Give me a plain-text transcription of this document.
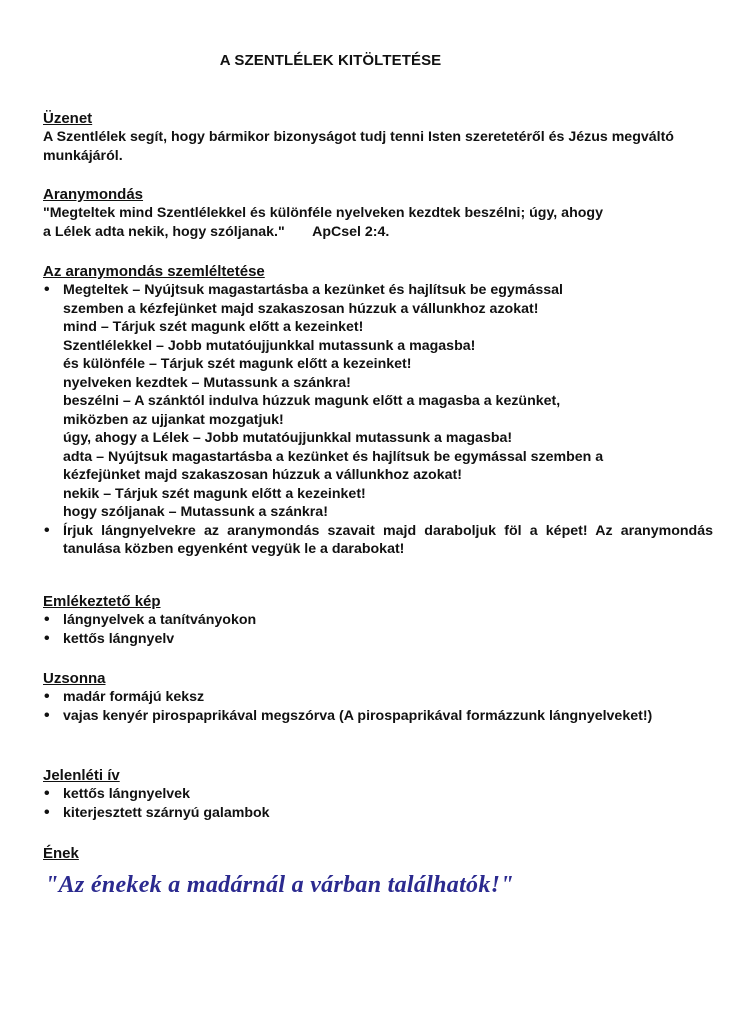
A SZENTLÉLEK KITÖLTETÉSE

Üzenet

A Szentlélek segít, hogy bármikor bizonyságot tudj tenni Isten szeretetéről és Jézus megváltó munkájáról.

Aranymondás

"Megteltek mind Szentlélekkel és különféle nyelveken kezdtek beszélni; úgy, ahogy

a Lélek adta nekik, hogy szóljanak." ApCsel 2:4.

Az aranymondás szemléltetése

• Megteltek – Nyújtsuk magastartásba a kezünket és hajlítsuk be egymással

szemben a kézfejünket majd szakaszosan húzzuk a vállunkhoz azokat!

mind – Tárjuk szét magunk előtt a kezeinket!

Szentlélekkel – Jobb mutatóujjunkkal mutassunk a magasba!

és különféle – Tárjuk szét magunk előtt a kezeinket!

nyelveken kezdtek – Mutassunk a szánkra!

beszélni – A szánktól indulva húzzuk magunk előtt a magasba a kezünket,

miközben az ujjankat mozgatjuk!

úgy, ahogy a Lélek – Jobb mutatóujjunkkal mutassunk a magasba!

adta – Nyújtsuk magastartásba a kezünket és hajlítsuk be egymással szemben a

kézfejünket majd szakaszosan húzzuk a vállunkhoz azokat!

nekik – Tárjuk szét magunk előtt a kezeinket!

hogy szóljanak – Mutassunk a szánkra!

• Írjuk lángnyelvekre az aranymondás szavait majd daraboljuk föl a képet! Az aranymondás tanulása közben egyenként vegyük le a darabokat!

Emlékeztető kép

• lángnyelvek a tanítványokon

• kettős lángnyelv

Uzsonna

• madár formájú keksz

• vajas kenyér pirospaprikával megszórva (A pirospaprikával formázzunk lángnyelveket!)

Jelenléti ív

• kettős lángnyelvek

• kiterjesztett szárnyú galambok

Ének

"Az énekek a madárnál a várban találhatók!"
